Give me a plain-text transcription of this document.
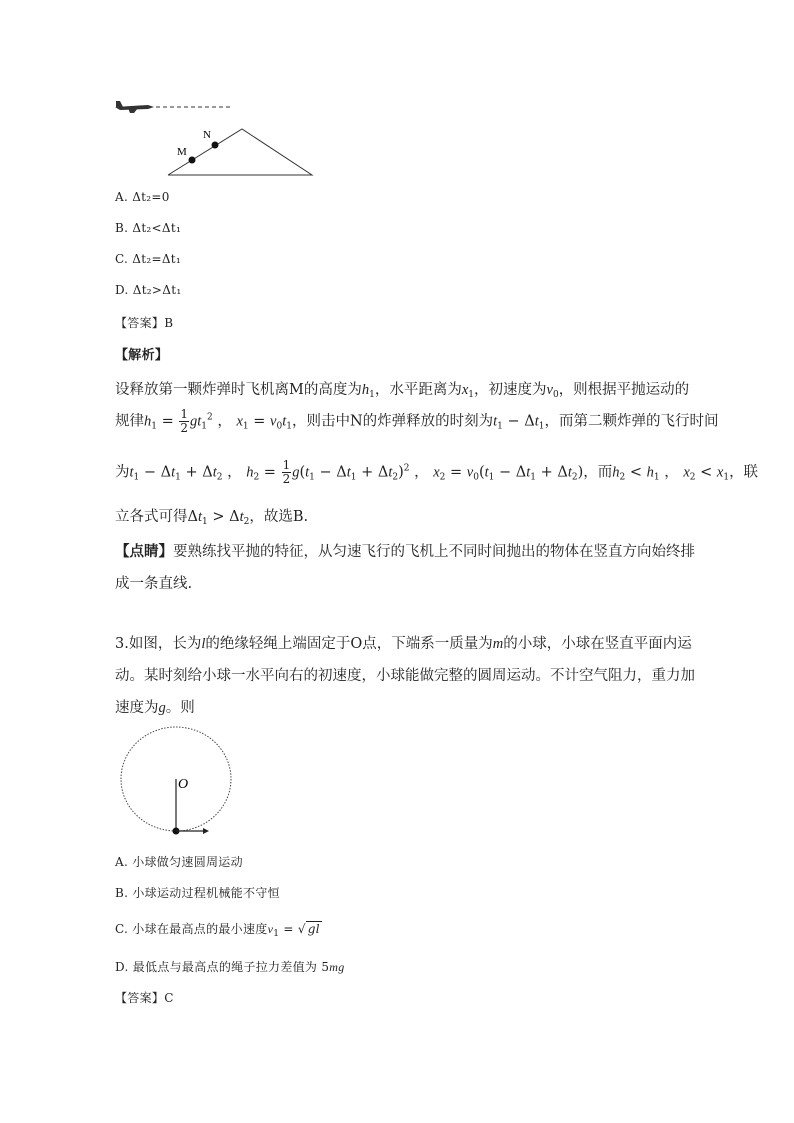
M
N
A. Δt₂=0
B. Δt₂<Δt₁
C. Δt₂=Δt₁
D. Δt₂>Δt₁
【答案】B
【解析】
设释放第一颗炸弹时飞机离M的高度为$h_1$，水平距离为$x_1$，初速度为$v_0$，则根据平抛运动的
规律$h_1 = \frac{1}{2} gt_1^2$ ， $x_1 = v_0t_1$，则击中N的炸弹释放的时刻为$t_1 - \Delta t_1$，而第二颗炸弹的飞行时间
为$t_1 - \Delta t_1 + \Delta t_2$ ， $h_2 = \frac{1}{2} g(t_1 - \Delta t_1 + \Delta t_2)^2$ ， $x_2 = v_0(t_1 - \Delta t_1 + \Delta t_2)$，而$h_2 < h_1$ ， $x_2 < x_1$，联
立各式可得$\Delta t_1 > \Delta t_2$，故选B.
【点睛】要熟练找平抛的特征，从匀速飞行的飞机上不同时间抛出的物体在竖直方向始终排
成一条直线.
3.如图，长为l的绝缘轻绳上端固定于O点，下端系一质量为m的小球，小球在竖直平面内运
动。某时刻给小球一水平向右的初速度，小球能做完整的圆周运动。不计空气阻力，重力加
速度为g。则
O
A. 小球做匀速圆周运动
B. 小球运动过程机械能不守恒
C. 小球在最高点的最小速度$v_1$ = √ gl
D. 最低点与最高点的绳子拉力差值为 5mg
【答案】C
